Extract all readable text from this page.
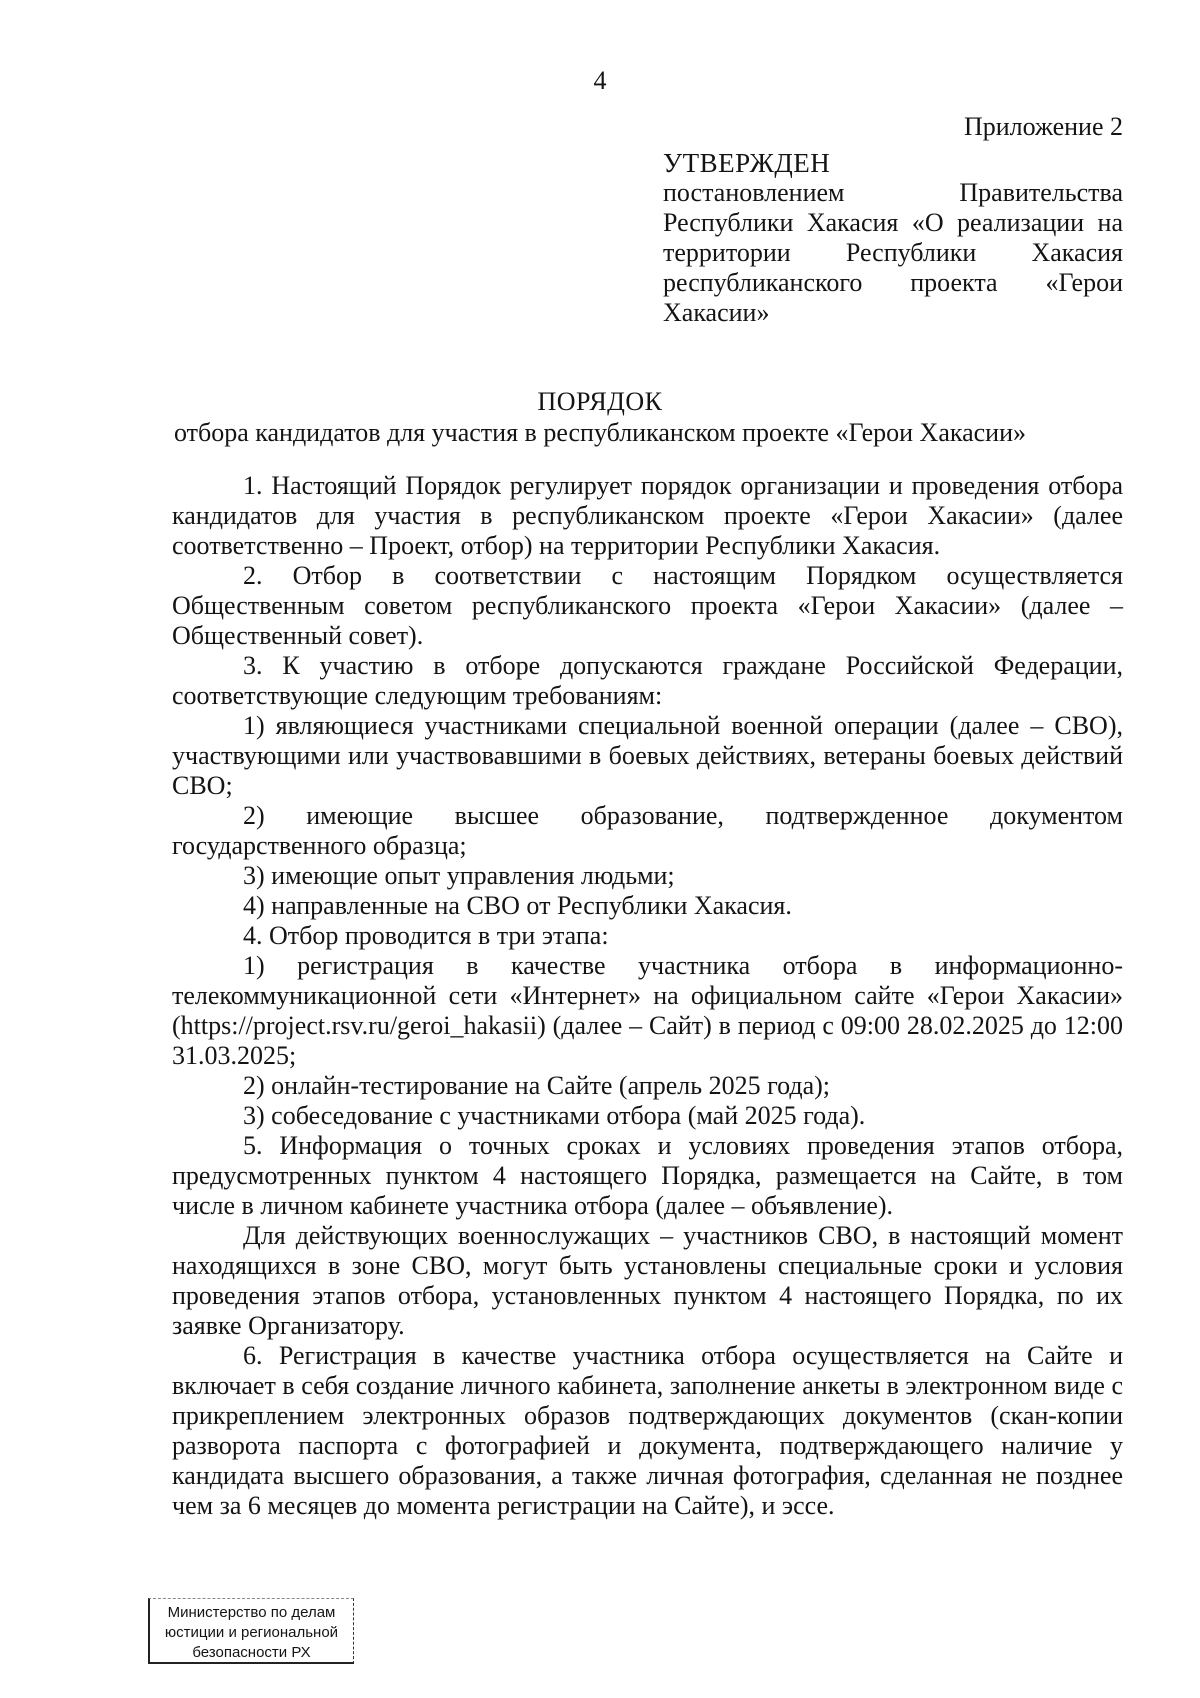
4
Приложение 2
УТВЕРЖДЕН
постановлением Правительства Республики Хакасия «О реализации на территории Республики Хакасия республиканского проекта «Герои Хакасии»
ПОРЯДОК
отбора кандидатов для участия в республиканском проекте «Герои Хакасии»

1. Настоящий Порядок регулирует порядок организации и проведения отбора кандидатов для участия в республиканском проекте «Герои Хакасии» (далее соответственно – Проект, отбор) на территории Республики Хакасия.

2. Отбор в соответствии с настоящим Порядком осуществляется Общественным советом республиканского проекта «Герои Хакасии» (далее – Общественный совет).

3. К участию в отборе допускаются граждане Российской Федерации, соответствующие следующим требованиям:

1) являющиеся участниками специальной военной операции (далее – СВО), участвующими или участвовавшими в боевых действиях, ветераны боевых действий СВО;

2) имеющие высшее образование, подтвержденное документом государственного образца;

3) имеющие опыт управления людьми;

4) направленные на СВО от Республики Хакасия.

4. Отбор проводится в три этапа:

1) регистрация в качестве участника отбора в информационно-телекоммуникационной сети «Интернет» на официальном сайте «Герои Хакасии» (https://project.rsv.ru/geroi_hakasii) (далее – Сайт) в период с 09:00 28.02.2025 до 12:00 31.03.2025;

2) онлайн-тестирование на Сайте (апрель 2025 года);

3) собеседование с участниками отбора (май 2025 года).

5. Информация о точных сроках и условиях проведения этапов отбора, предусмотренных пунктом 4 настоящего Порядка, размещается на Сайте, в том числе в личном кабинете участника отбора (далее – объявление).

Для действующих военнослужащих – участников СВО, в настоящий момент находящихся в зоне СВО, могут быть установлены специальные сроки и условия проведения этапов отбора, установленных пунктом 4 настоящего Порядка, по их заявке Организатору.

6. Регистрация в качестве участника отбора осуществляется на Сайте и включает в себя создание личного кабинета, заполнение анкеты в электронном виде с прикреплением электронных образов подтверждающих документов (скан-копии разворота паспорта с фотографией и документа, подтверждающего наличие у кандидата высшего образования, а также личная фотография, сделанная не позднее чем за 6 месяцев до момента регистрации на Сайте), и эссе.

Министерство по делам
юстиции и региональной
безопасности РХ
